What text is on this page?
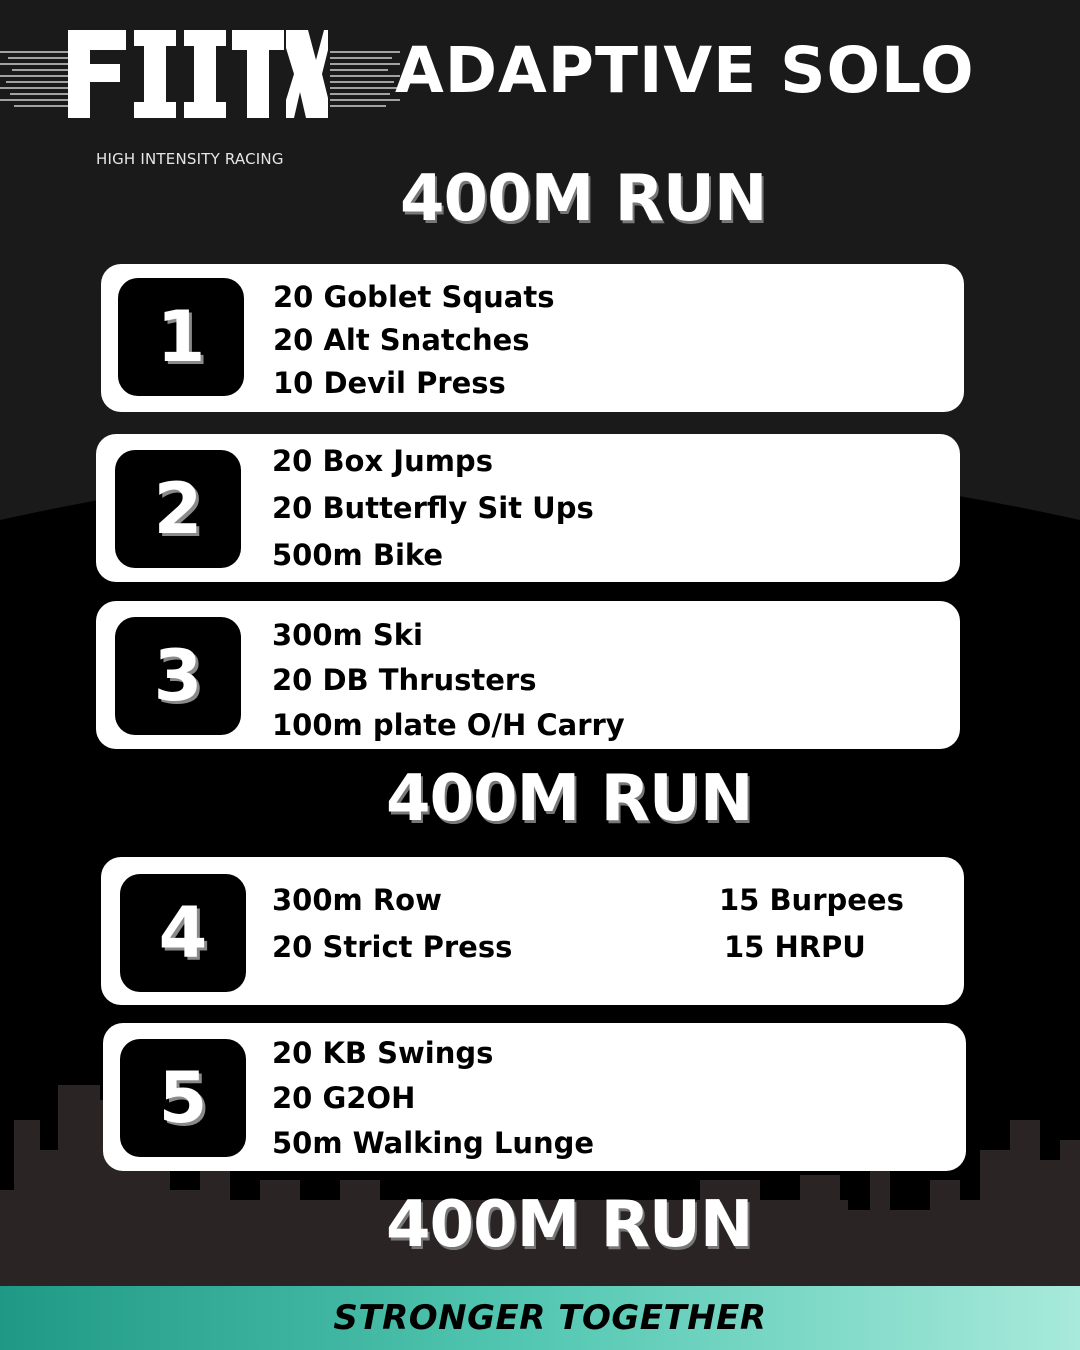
HIGH INTENSITY RACING
ADAPTIVE SOLO
400M RUN
1	20 Goblet Squats
20 Alt Snatches
10 Devil Press
2
20 Box Jumps
20 Butterfly Sit Ups
500m Bike
3	300m Ski
20 DB Thrusters
100m plate O/H Carry
400M RUN
4	300m Row
20 Strict Press
15 Burpees
15 HRPU
5
20 KB Swings
20 G2OH
50m Walking Lunge
400M RUN
STRONGER TOGETHER
